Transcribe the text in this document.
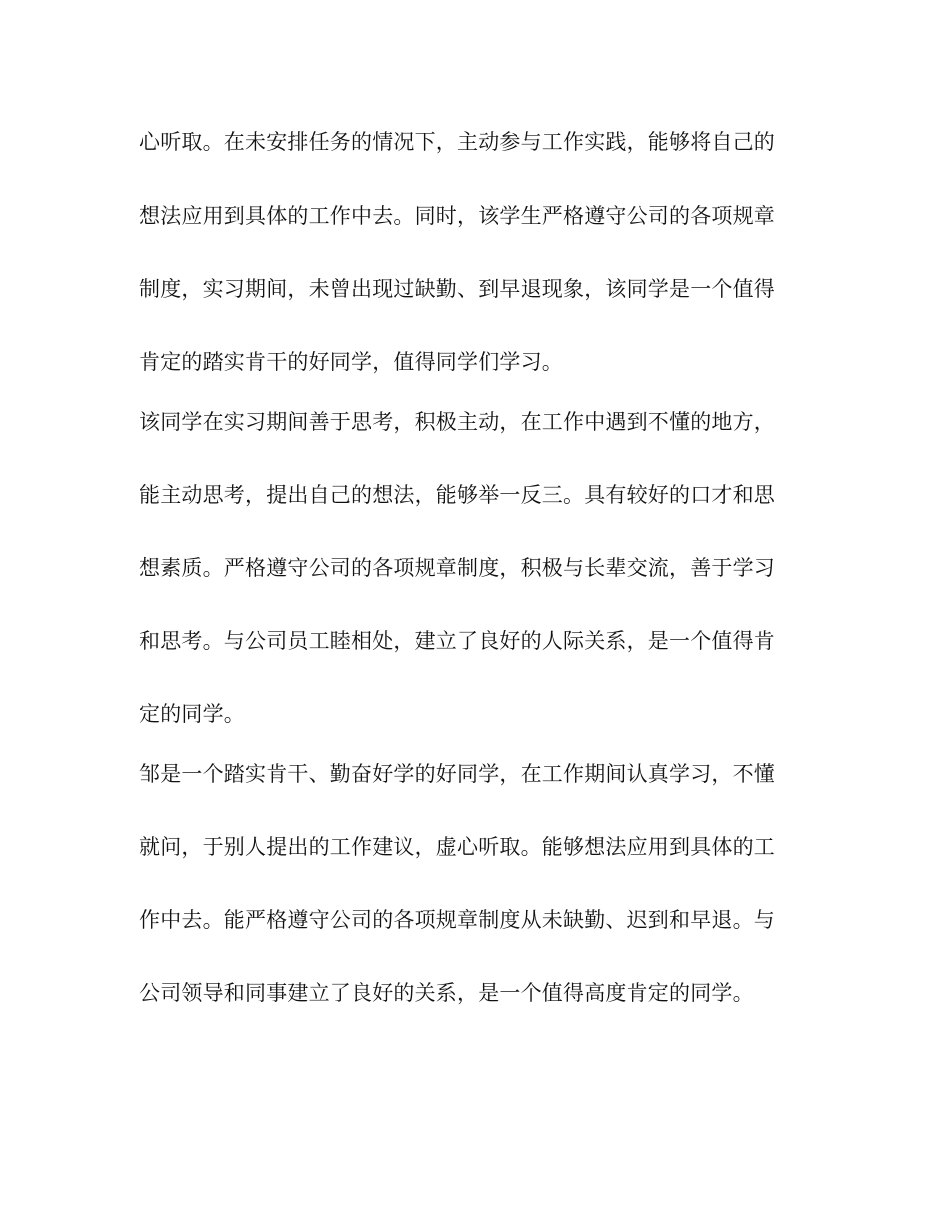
心听取。在未安排任务的情况下，主动参与工作实践，能够将自己的
想法应用到具体的工作中去。同时，该学生严格遵守公司的各项规章
制度，实习期间，未曾出现过缺勤、到早退现象，该同学是一个值得
肯定的踏实肯干的好同学，值得同学们学习。
该同学在实习期间善于思考，积极主动，在工作中遇到不懂的地方，
能主动思考，提出自己的想法，能够举一反三。具有较好的口才和思
想素质。严格遵守公司的各项规章制度，积极与长辈交流，善于学习
和思考。与公司员工睦相处，建立了良好的人际关系，是一个值得肯
定的同学。
邹是一个踏实肯干、勤奋好学的好同学，在工作期间认真学习，不懂
就问，于别人提出的工作建议，虚心听取。能够想法应用到具体的工
作中去。能严格遵守公司的各项规章制度从未缺勤、迟到和早退。与
公司领导和同事建立了良好的关系，是一个值得高度肯定的同学。
